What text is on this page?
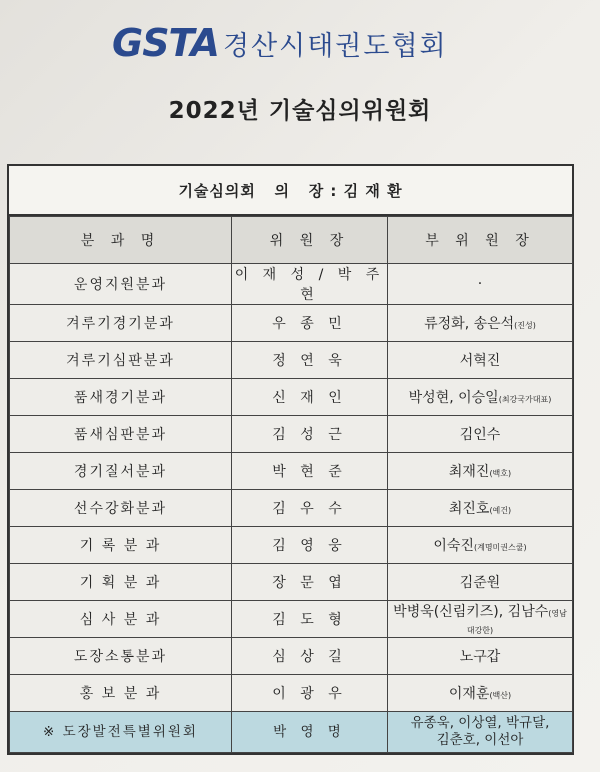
GSTA 경산시태권도협회
2022년 기술심의위원회
기술심의회   의   장 : 김 재 환
분 과 명	위 원 장	부 위 원 장
운영지원분과	이 재 성 / 박 주 현	·
겨루기경기분과	우 종 민	류정화, 송은석(진성)
겨루기심판분과	정 연 욱	서혁진
품새경기분과	신 재 인	박성현, 이승일(최강국가대표)
품새심판분과	김 성 근	김인수
경기질서분과	박 현 준	최재진(백호)
선수강화분과	김 우 수	최진호(예건)
기 록 분 과	김 영 웅	이숙진(계명미권스쿨)
기 획 분 과	장 문 엽	김준원
심 사 분 과	김 도 형	박병욱(신림키즈), 김남수(영남대강한)
도장소통분과	심 상 길	노구갑
홍 보 분 과	이 광 우	이재훈(백산)
※ 도장발전특별위원회	박 영 명	유종욱, 이상열, 박규달,
김춘호, 이선아
